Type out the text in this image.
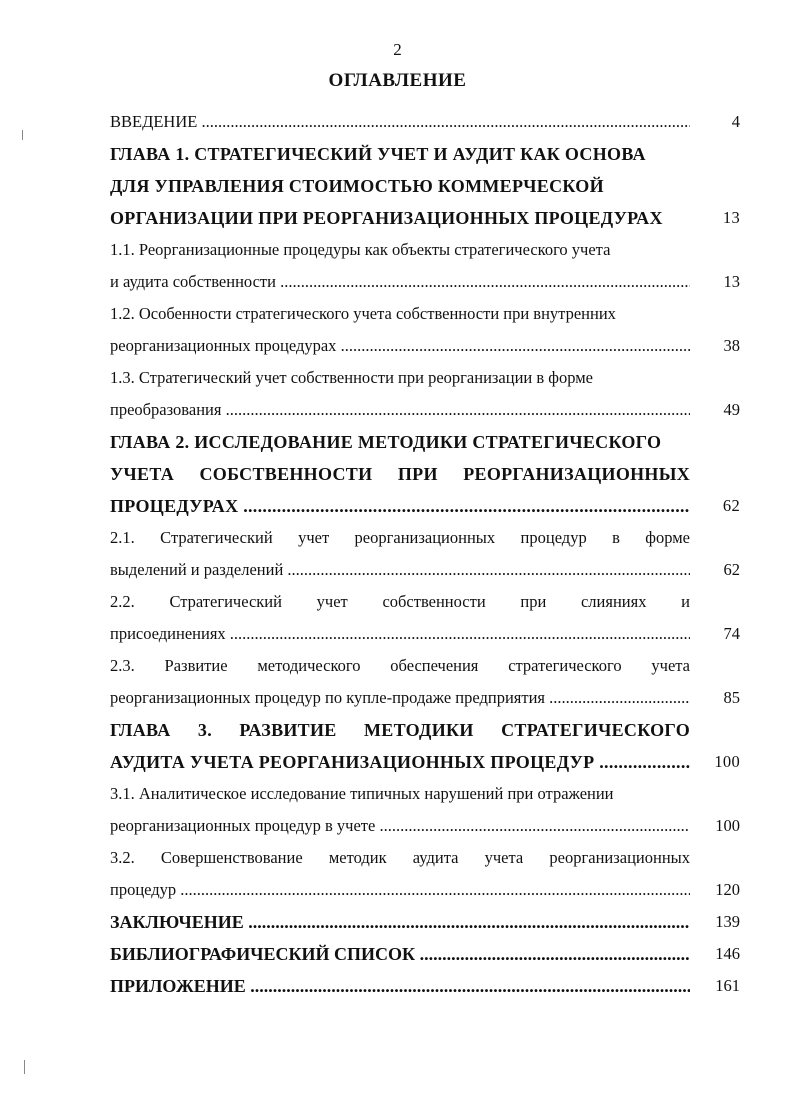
2
ОГЛАВЛЕНИЕ
ВВЕДЕНИЕ .....	4
ГЛАВА 1. СТРАТЕГИЧЕСКИЙ УЧЕТ И АУДИТ КАК ОСНОВА
ДЛЯ УПРАВЛЕНИЯ СТОИМОСТЬЮ КОММЕРЧЕСКОЙ
ОРГАНИЗАЦИИ ПРИ РЕОРГАНИЗАЦИОННЫХ ПРОЦЕДУРАХ	13
1.1. Реорганизационные процедуры как объекты стратегического учета
и аудита собственности .....	13
1.2. Особенности стратегического учета собственности при внутренних
реорганизационных процедурах .....	38
1.3. Стратегический учет собственности при реорганизации в форме
преобразования .....	49
ГЛАВА 2. ИССЛЕДОВАНИЕ МЕТОДИКИ СТРАТЕГИЧЕСКОГО
УЧЕТА СОБСТВЕННОСТИ ПРИ РЕОРГАНИЗАЦИОННЫХ
ПРОЦЕДУРАХ .....	62
2.1. Стратегический учет реорганизационных процедур в форме
выделений и разделений .....	62
2.2. Стратегический учет собственности при слияниях и
присоединениях .....	74
2.3. Развитие методического обеспечения стратегического учета
реорганизационных процедур по купле-продаже предприятия .....	85
ГЛАВА 3. РАЗВИТИЕ МЕТОДИКИ СТРАТЕГИЧЕСКОГО
АУДИТА УЧЕТА РЕОРГАНИЗАЦИОННЫХ ПРОЦЕДУР .....	100
3.1. Аналитическое исследование типичных нарушений при отражении
реорганизационных процедур в учете .....	100
3.2. Совершенствование методик аудита учета реорганизационных
процедур .....	120
ЗАКЛЮЧЕНИЕ .....	139
БИБЛИОГРАФИЧЕСКИЙ СПИСОК .....	146
ПРИЛОЖЕНИЕ .....	161
